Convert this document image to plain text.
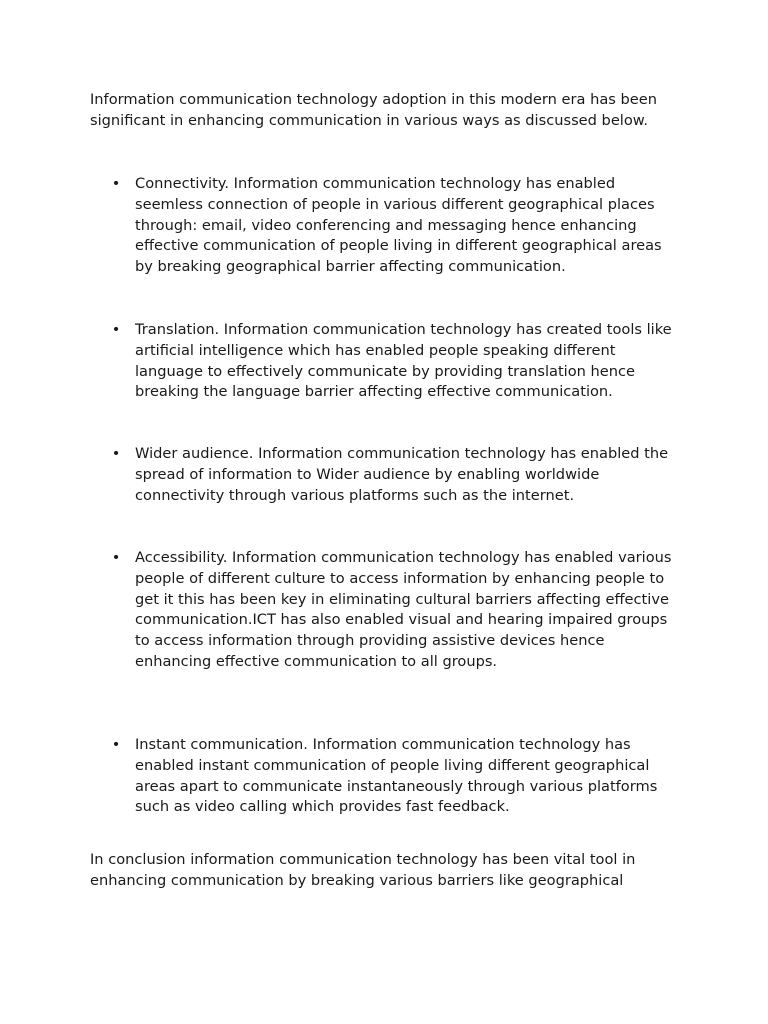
Information communication technology adoption in this modern era has been significant in enhancing communication in various ways as discussed below.

• Connectivity. Information communication technology has enabled seemless connection of people in various different geographical places through: email, video conferencing and messaging hence enhancing effective communication of people living in different geographical areas by breaking geographical barrier affecting communication.

• Translation. Information communication technology has created tools like artificial intelligence which has enabled people speaking different language to effectively communicate by providing translation hence breaking the language barrier affecting effective communication.

• Wider audience. Information communication technology has enabled the spread of information to Wider audience by enabling worldwide connectivity through various platforms such as the internet.

• Accessibility. Information communication technology has enabled various people of different culture to access information by enhancing people to get it this has been key in eliminating cultural barriers affecting effective communication.ICT has also enabled visual and hearing impaired groups to access information through providing assistive devices hence enhancing effective communication to all groups.

• Instant communication. Information communication technology has enabled instant communication of people living different geographical areas apart to communicate instantaneously through various platforms such as video calling which provides fast feedback.

In conclusion information communication technology has been vital tool in enhancing communication by breaking various barriers like geographical
